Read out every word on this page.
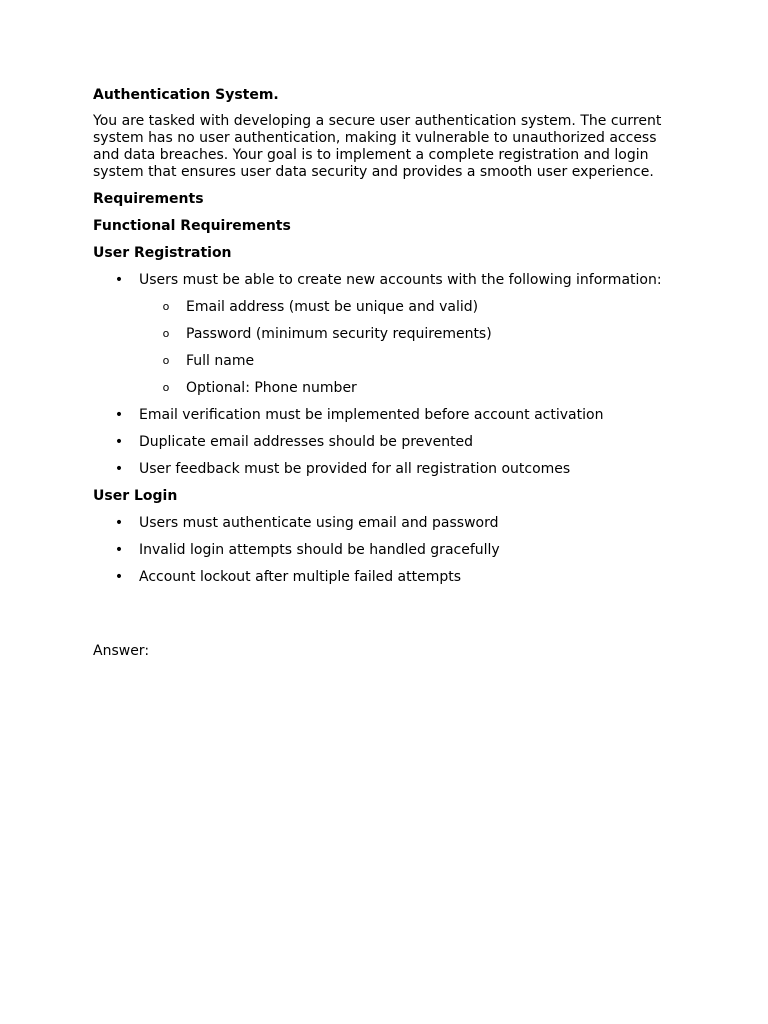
Authentication System.

You are tasked with developing a secure user authentication system. The current system has no user authentication, making it vulnerable to unauthorized access and data breaches. Your goal is to implement a complete registration and login system that ensures user data security and provides a smooth user experience.

Requirements

Functional Requirements

User Registration

• Users must be able to create new accounts with the following information:
o Email address (must be unique and valid)
o Password (minimum security requirements)
o Full name
o Optional: Phone number
• Email verification must be implemented before account activation
• Duplicate email addresses should be prevented
• User feedback must be provided for all registration outcomes

User Login

• Users must authenticate using email and password
• Invalid login attempts should be handled gracefully
• Account lockout after multiple failed attempts

Answer:
